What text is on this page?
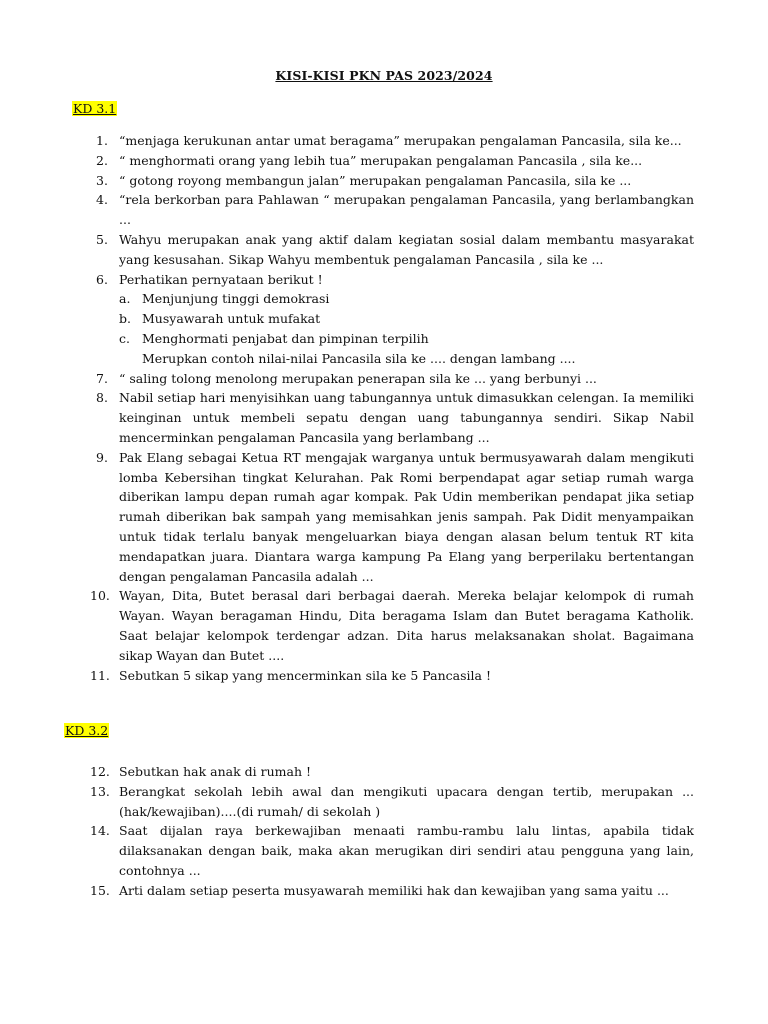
KISI-KISI PKN PAS 2023/2024
KD 3.1
1. “menjaga kerukunan antar umat beragama” merupakan pengalaman Pancasila, sila ke...
2. “ menghormati orang yang lebih tua” merupakan pengalaman Pancasila , sila ke...
3. “ gotong royong membangun jalan” merupakan pengalaman Pancasila, sila ke ...
4. “rela berkorban para Pahlawan “ merupakan pengalaman Pancasila, yang berlambangkan ...
5. Wahyu merupakan anak yang aktif dalam kegiatan sosial dalam membantu masyarakat yang kesusahan. Sikap Wahyu membentuk pengalaman Pancasila , sila ke ...
6. Perhatikan pernyataan berikut !
a. Menjunjung tinggi demokrasi
b. Musyawarah untuk mufakat
c. Menghormati penjabat dan pimpinan terpilih
Merupkan contoh nilai-nilai Pancasila sila ke .... dengan lambang ....
7. “ saling tolong menolong merupakan penerapan sila ke ... yang berbunyi ...
8. Nabil setiap hari menyisihkan uang tabungannya untuk dimasukkan celengan. Ia memiliki keinginan untuk membeli sepatu dengan uang tabungannya sendiri. Sikap Nabil mencerminkan pengalaman Pancasila yang berlambang ...
9. Pak Elang sebagai Ketua RT mengajak warganya untuk bermusyawarah dalam mengikuti lomba Kebersihan tingkat Kelurahan. Pak Romi berpendapat agar setiap rumah warga diberikan lampu depan rumah agar kompak. Pak Udin memberikan pendapat jika setiap rumah diberikan bak sampah yang memisahkan jenis sampah. Pak Didit menyampaikan untuk tidak terlalu banyak mengeluarkan biaya dengan alasan belum tentuk RT kita mendapatkan juara. Diantara warga kampung Pa Elang yang berperilaku bertentangan dengan pengalaman Pancasila adalah ...
10. Wayan, Dita, Butet berasal dari berbagai daerah. Mereka belajar kelompok di rumah Wayan. Wayan beragaman Hindu, Dita beragama Islam dan Butet beragama Katholik. Saat belajar kelompok terdengar adzan. Dita harus melaksanakan sholat. Bagaimana sikap Wayan dan Butet ....
11. Sebutkan 5 sikap yang mencerminkan sila ke 5 Pancasila !
KD 3.2
12. Sebutkan hak anak di rumah !
13. Berangkat sekolah lebih awal dan mengikuti upacara dengan tertib, merupakan ...(hak/kewajiban)....(di rumah/ di sekolah )
14. Saat dijalan raya berkewajiban menaati rambu-rambu lalu lintas, apabila tidak dilaksanakan dengan baik, maka akan merugikan diri sendiri atau pengguna yang lain, contohnya ...
15. Arti dalam setiap peserta musyawarah memiliki hak dan kewajiban yang sama yaitu ...
